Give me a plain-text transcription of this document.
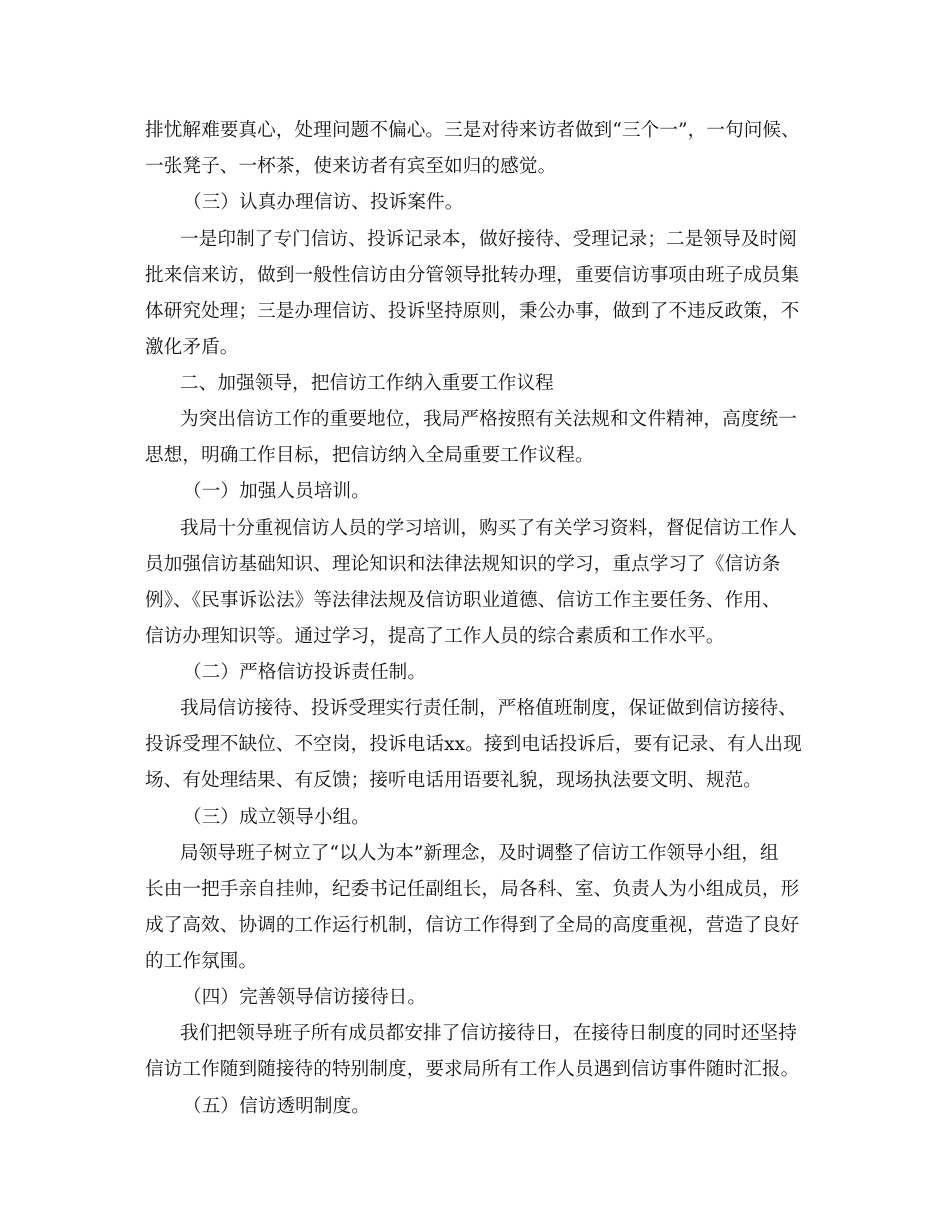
排忧解难要真心，处理问题不偏心。三是对待来访者做到“三个一”，一句问候、
一张凳子、一杯茶，使来访者有宾至如归的感觉。
（三）认真办理信访、投诉案件。
一是印制了专门信访、投诉记录本，做好接待、受理记录；二是领导及时阅
批来信来访，做到一般性信访由分管领导批转办理，重要信访事项由班子成员集
体研究处理；三是办理信访、投诉坚持原则，秉公办事，做到了不违反政策，不
激化矛盾。
二、加强领导，把信访工作纳入重要工作议程
为突出信访工作的重要地位，我局严格按照有关法规和文件精神，高度统一
思想，明确工作目标，把信访纳入全局重要工作议程。
（一）加强人员培训。
我局十分重视信访人员的学习培训，购买了有关学习资料，督促信访工作人
员加强信访基础知识、理论知识和法律法规知识的学习，重点学习了《信访条
例》、《民事诉讼法》等法律法规及信访职业道德、信访工作主要任务、作用、
信访办理知识等。通过学习，提高了工作人员的综合素质和工作水平。
（二）严格信访投诉责任制。
我局信访接待、投诉受理实行责任制，严格值班制度，保证做到信访接待、
投诉受理不缺位、不空岗，投诉电话xx。接到电话投诉后，要有记录、有人出现
场、有处理结果、有反馈；接听电话用语要礼貌，现场执法要文明、规范。
（三）成立领导小组。
局领导班子树立了“以人为本”新理念，及时调整了信访工作领导小组，组
长由一把手亲自挂帅，纪委书记任副组长，局各科、室、负责人为小组成员，形
成了高效、协调的工作运行机制，信访工作得到了全局的高度重视，营造了良好
的工作氛围。
（四）完善领导信访接待日。
我们把领导班子所有成员都安排了信访接待日，在接待日制度的同时还坚持
信访工作随到随接待的特别制度，要求局所有工作人员遇到信访事件随时汇报。
（五）信访透明制度。
